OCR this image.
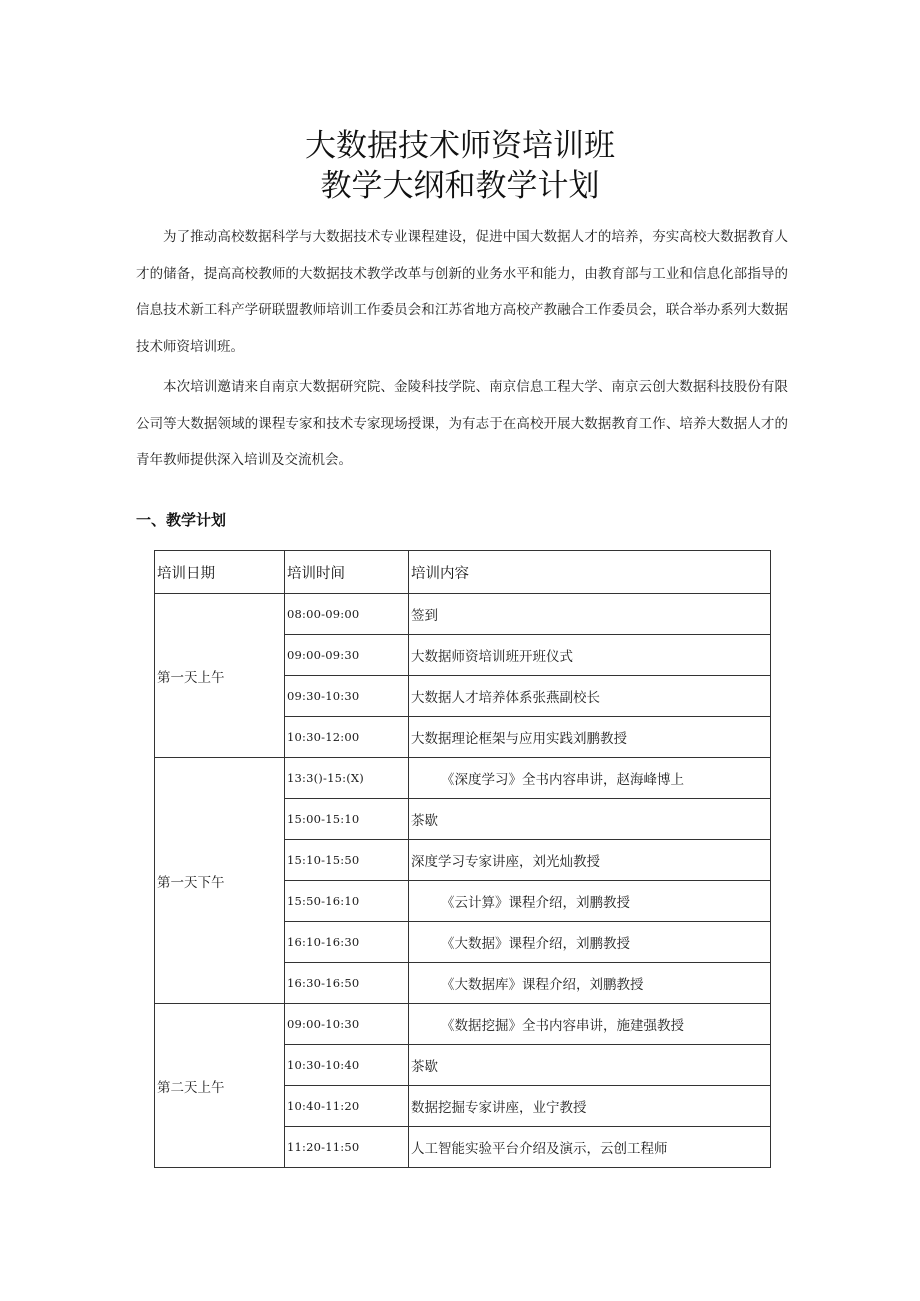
大数据技术师资培训班
教学大纲和教学计划

为了推动高校数据科学与大数据技术专业课程建设，促进中国大数据人才的培养，夯实高校大数据教育人才的储备，提高高校教师的大数据技术教学改革与创新的业务水平和能力，由教育部与工业和信息化部指导的信息技术新工科产学研联盟教师培训工作委员会和江苏省地方高校产教融合工作委员会，联合举办系列大数据技术师资培训班。

本次培训邀请来自南京大数据研究院、金陵科技学院、南京信息工程大学、南京云创大数据科技股份有限公司等大数据领域的课程专家和技术专家现场授课，为有志于在高校开展大数据教育工作、培养大数据人才的青年教师提供深入培训及交流机会。

一、教学计划
培训日期	培训时间	培训内容
第一天上午	08:00-09:00	签到
	09:00-09:30	大数据师资培训班开班仪式
	09:30-10:30	大数据人才培养体系张燕副校长
	10:30-12:00	大数据理论框架与应用实践刘鹏教授
第一天下午	13:3()-15:(X)	《深度学习》全书内容串讲，赵海峰博上
	15:00-15:10	茶歇
	15:10-15:50	深度学习专家讲座，刘光灿教授
	15:50-16:10	《云计算》课程介绍，刘鹏教授
	16:10-16:30	《大数据》课程介绍，刘鹏教授
	16:30-16:50	《大数据库》课程介绍，刘鹏教授
第二天上午	09:00-10:30	《数据挖掘》全书内容串讲，施建强教授
	10:30-10:40	茶歇
	10:40-11:20	数据挖掘专家讲座，业宁教授
	11:20-11:50	人工智能实验平台介绍及演示，云创工程师
